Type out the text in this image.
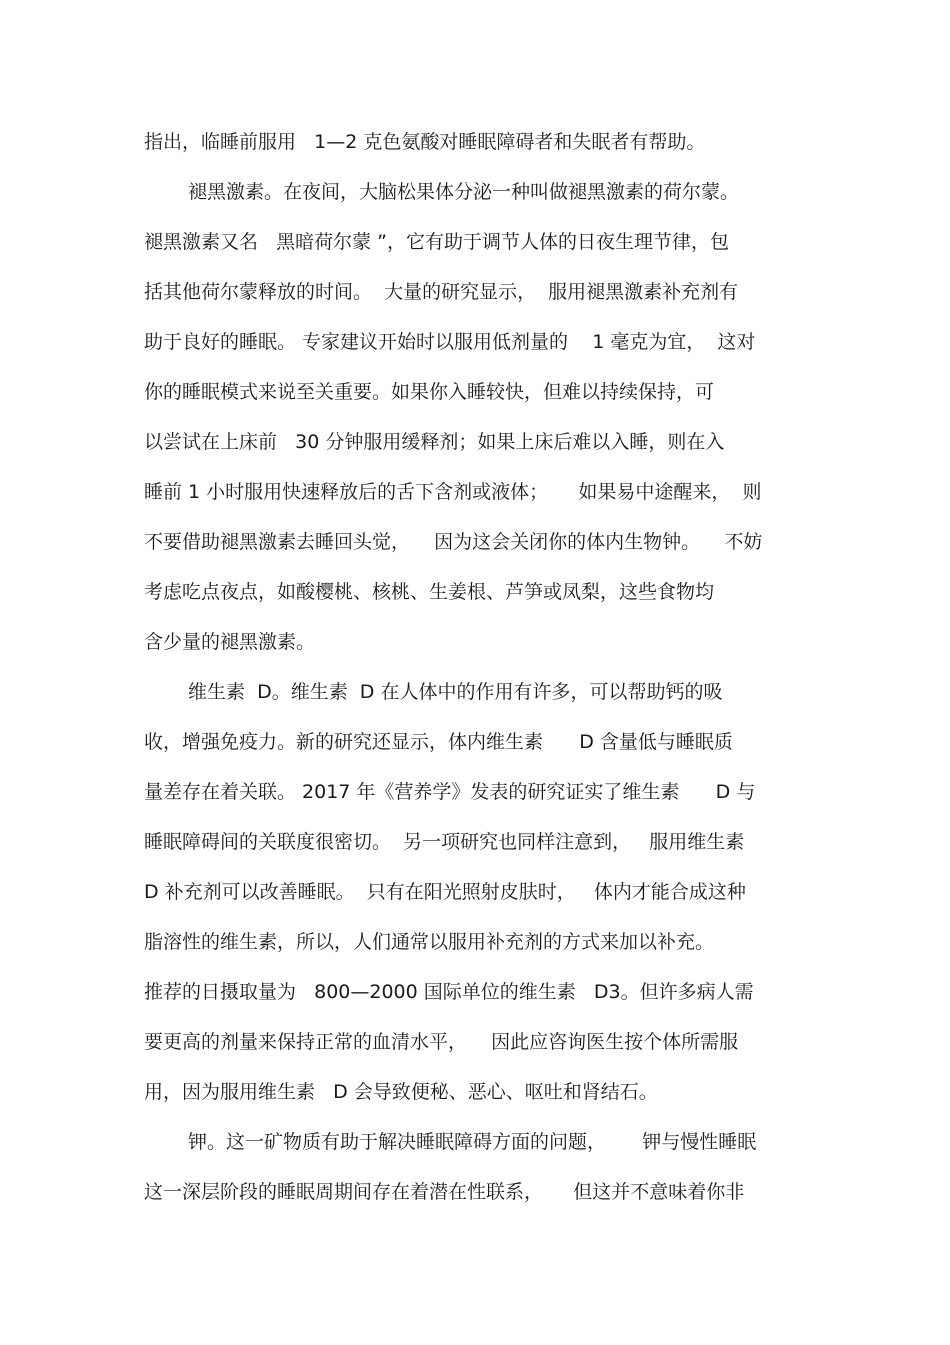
指出，临睡前服用   1—2 克色氨酸对睡眠障碍者和失眠者有帮助。

褪黑激素。在夜间，大脑松果体分泌一种叫做褪黑激素的荷尔蒙。

褪黑激素又名   黑暗荷尔蒙 ”，它有助于调节人体的日夜生理节律，包

括其他荷尔蒙释放的时间。  大量的研究显示，  服用褪黑激素补充剂有

助于良好的睡眠。 专家建议开始时以服用低剂量的    1 毫克为宜，  这对

你的睡眠模式来说至关重要。如果你入睡较快，但难以持续保持，可

以尝试在上床前   30 分钟服用缓释剂；如果上床后难以入睡，则在入

睡前 1 小时服用快速释放后的舌下含剂或液体；     如果易中途醒来，  则

不要借助褪黑激素去睡回头觉，    因为这会关闭你的体内生物钟。    不妨

考虑吃点夜点，如酸樱桃、核桃、生姜根、芦笋或凤梨，这些食物均

含少量的褪黑激素。

维生素  D。维生素  D 在人体中的作用有许多，可以帮助钙的吸

收，增强免疫力。新的研究还显示，体内维生素      D 含量低与睡眠质

量差存在着关联。 2017 年《营养学》发表的研究证实了维生素      D 与

睡眠障碍间的关联度很密切。  另一项研究也同样注意到，   服用维生素

D 补充剂可以改善睡眠。  只有在阳光照射皮肤时，   体内才能合成这种

脂溶性的维生素，所以，人们通常以服用补充剂的方式来加以补充。

推荐的日摄取量为   800—2000 国际单位的维生素   D3。但许多病人需

要更高的剂量来保持正常的血清水平，    因此应咨询医生按个体所需服

用，因为服用维生素   D 会导致便秘、恶心、呕吐和肾结石。

钾。这一矿物质有助于解决睡眠障碍方面的问题，      钾与慢性睡眠

这一深层阶段的睡眠周期间存在着潜在性联系，     但这并不意味着你非
